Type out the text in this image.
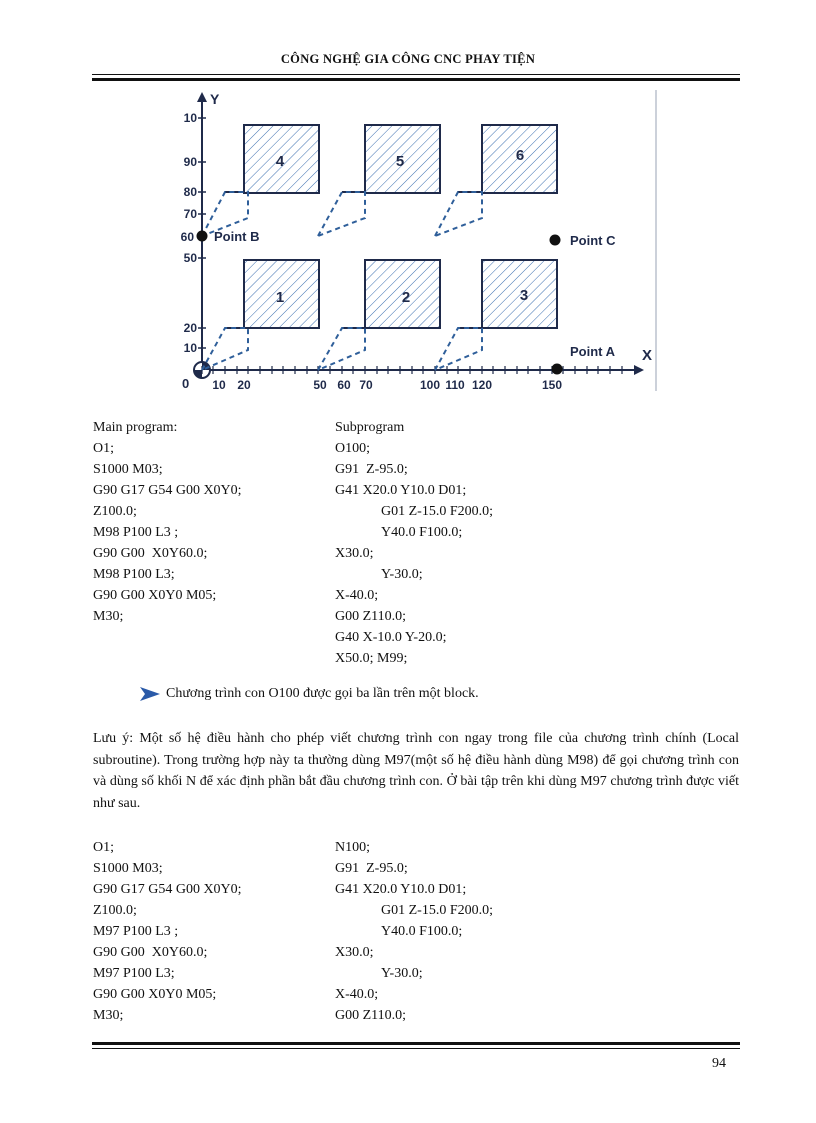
CÔNG NGHỆ GIA CÔNG CNC PHAY TIỆN
Y
X
0
10
90
80
70
60
50
20
10
10 20	50 60 70	100 110 120	150
4	5	6
1	2	3
Point B	Point C
Point A
Main program:
O1;
S1000 M03;
G90 G17 G54 G00 X0Y0;
Z100.0;
M98 P100 L3 ;
G90 G00  X0Y60.0;
M98 P100 L3;
G90 G00 X0Y0 M05;
M30;
Subprogram
O100;
G91  Z-95.0;
G41 X20.0 Y10.0 D01;
G01 Z-15.0 F200.0;
Y40.0 F100.0;
X30.0;
Y-30.0;
X-40.0;
G00 Z110.0;
G40 X-10.0 Y-20.0;
X50.0; M99;
Chương trình con O100 được gọi ba lần trên một block.
Lưu ý: Một số hệ điều hành cho phép viết chương trình con ngay trong file của chương trình chính (Local subroutine). Trong trường hợp này ta thường dùng M97(một số hệ điều hành dùng M98) để gọi chương trình con và dùng số khối N để xác định phần bắt đầu chương trình con. Ở bài tập trên khi dùng M97 chương trình được viết như sau.
O1;
S1000 M03;
G90 G17 G54 G00 X0Y0;
Z100.0;
M97 P100 L3 ;
G90 G00  X0Y60.0;
M97 P100 L3;
G90 G00 X0Y0 M05;
M30;
N100;
G91  Z-95.0;
G41 X20.0 Y10.0 D01;
G01 Z-15.0 F200.0;
Y40.0 F100.0;
X30.0;
Y-30.0;
X-40.0;
G00 Z110.0;
94
